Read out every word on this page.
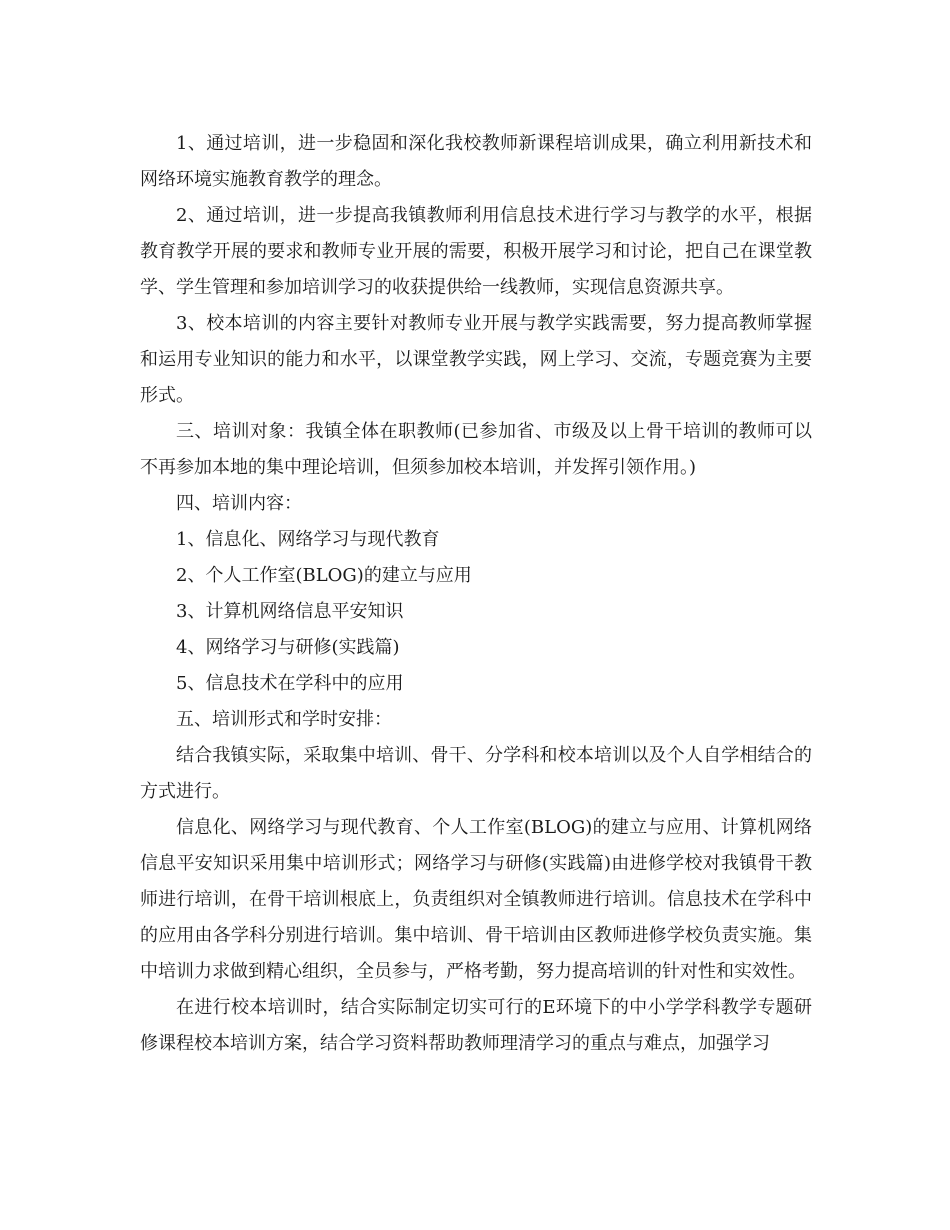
1、通过培训，进一步稳固和深化我校教师新课程培训成果，确立利用新技术和网络环境实施教育教学的理念。

2、通过培训，进一步提高我镇教师利用信息技术进行学习与教学的水平，根据教育教学开展的要求和教师专业开展的需要，积极开展学习和讨论，把自己在课堂教学、学生管理和参加培训学习的收获提供给一线教师，实现信息资源共享。

3、校本培训的内容主要针对教师专业开展与教学实践需要，努力提高教师掌握和运用专业知识的能力和水平，以课堂教学实践，网上学习、交流，专题竞赛为主要形式。

三、培训对象：我镇全体在职教师(已参加省、市级及以上骨干培训的教师可以不再参加本地的集中理论培训，但须参加校本培训，并发挥引领作用。)

四、培训内容：

1、信息化、网络学习与现代教育

2、个人工作室(BLOG)的建立与应用

3、计算机网络信息平安知识

4、网络学习与研修(实践篇)

5、信息技术在学科中的应用

五、培训形式和学时安排：

结合我镇实际，采取集中培训、骨干、分学科和校本培训以及个人自学相结合的方式进行。

信息化、网络学习与现代教育、个人工作室(BLOG)的建立与应用、计算机网络信息平安知识采用集中培训形式；网络学习与研修(实践篇)由进修学校对我镇骨干教师进行培训，在骨干培训根底上，负责组织对全镇教师进行培训。信息技术在学科中的应用由各学科分别进行培训。集中培训、骨干培训由区教师进修学校负责实施。集中培训力求做到精心组织，全员参与，严格考勤，努力提高培训的针对性和实效性。

在进行校本培训时，结合实际制定切实可行的E环境下的中小学学科教学专题研修课程校本培训方案，结合学习资料帮助教师理清学习的重点与难点，加强学习
